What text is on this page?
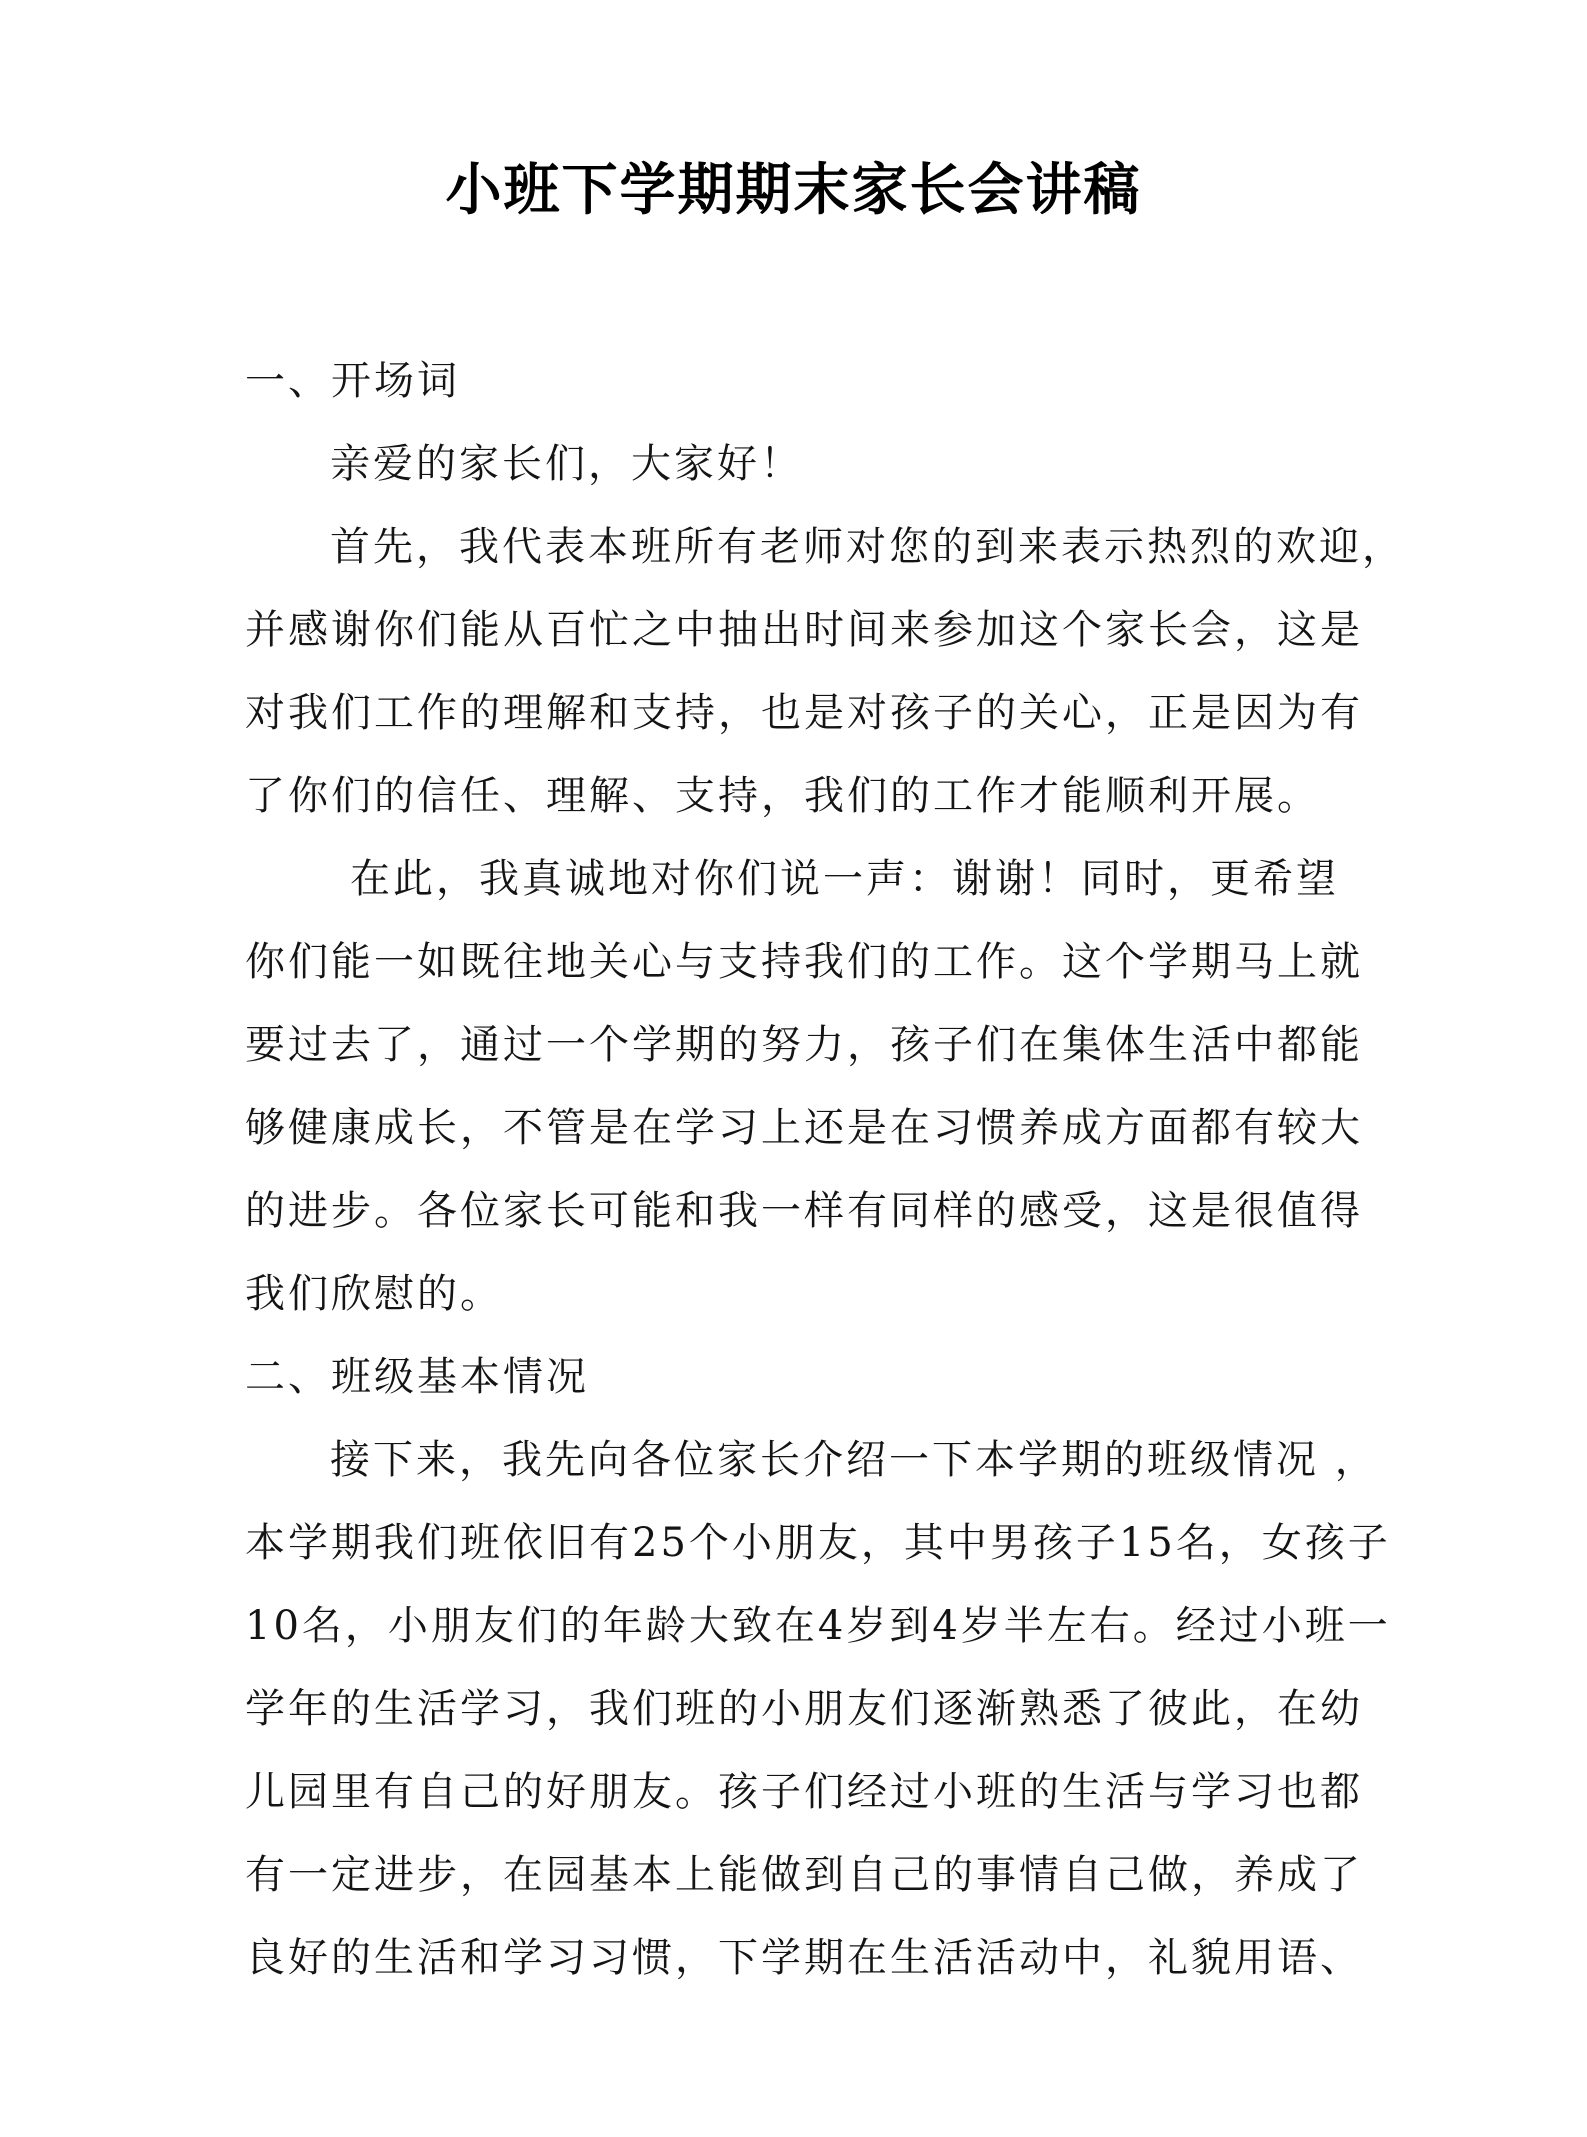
小班下学期期末家长会讲稿
一、开场词
亲爱的家长们，大家好！
首先，我代表本班所有老师对您的到来表示热烈的欢迎，
并感谢你们能从百忙之中抽出时间来参加这个家长会，这是
对我们工作的理解和支持，也是对孩子的关心，正是因为有
了你们的信任、理解、支持，我们的工作才能顺利开展。
在此，我真诚地对你们说一声：谢谢！同时，更希望
你们能一如既往地关心与支持我们的工作。这个学期马上就
要过去了，通过一个学期的努力，孩子们在集体生活中都能
够健康成长，不管是在学习上还是在习惯养成方面都有较大
的进步。各位家长可能和我一样有同样的感受，这是很值得
我们欣慰的。
二、班级基本情况
接下来，我先向各位家长介绍一下本学期的班级情况 ，
本学期我们班依旧有25个小朋友，其中男孩子15名，女孩子
10名，小朋友们的年龄大致在4岁到4岁半左右。经过小班一
学年的生活学习，我们班的小朋友们逐渐熟悉了彼此，在幼
儿园里有自己的好朋友。孩子们经过小班的生活与学习也都
有一定进步，在园基本上能做到自己的事情自己做，养成了
良好的生活和学习习惯，下学期在生活活动中，礼貌用语、
